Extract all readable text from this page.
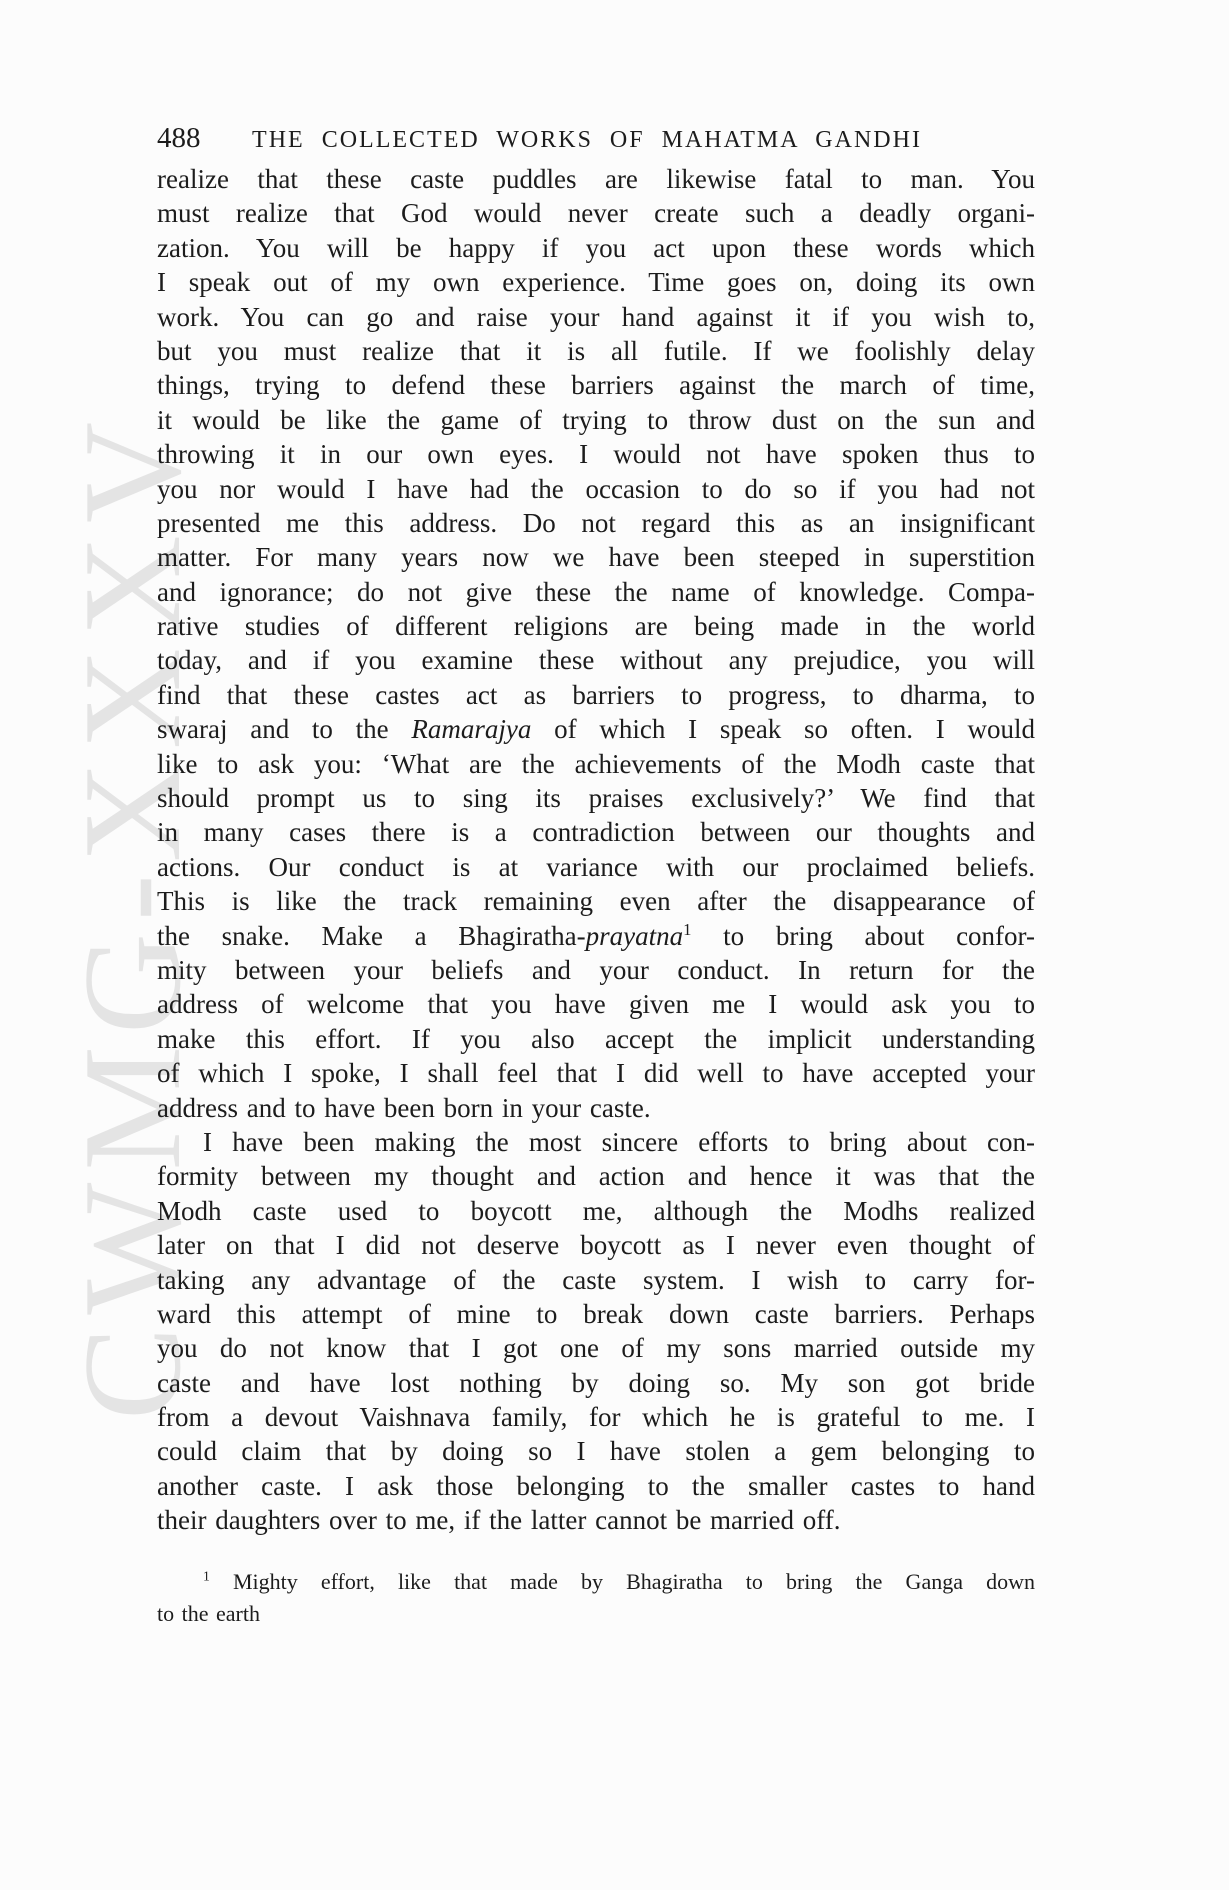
CWMG-XXXV
488	THE COLLECTED WORKS OF MAHATMA GANDHI
realize that these caste puddles are likewise fatal to man. You
must realize that God would never create such a deadly organi-
zation. You will be happy if you act upon these words which
I speak out of my own experience. Time goes on, doing its own
work. You can go and raise your hand against it if you wish to,
but you must realize that it is all futile. If we foolishly delay
things, trying to defend these barriers against the march of time,
it would be like the game of trying to throw dust on the sun and
throwing it in our own eyes. I would not have spoken thus to
you nor would I have had the occasion to do so if you had not
presented me this address. Do not regard this as an insignificant
matter. For many years now we have been steeped in superstition
and ignorance; do not give these the name of knowledge. Compa-
rative studies of different religions are being made in the world
today, and if you examine these without any prejudice, you will
find that these castes act as barriers to progress, to dharma, to
swaraj and to the Ramarajya of which I speak so often. I would
like to ask you: ‘What are the achievements of the Modh caste that
should prompt us to sing its praises exclusively?’ We find that
in many cases there is a contradiction between our thoughts and
actions. Our conduct is at variance with our proclaimed beliefs.
This is like the track remaining even after the disappearance of
the snake. Make a Bhagiratha-prayatna$^1$ to bring about confor-
mity between your beliefs and your conduct. In return for the
address of welcome that you have given me I would ask you to
make this effort. If you also accept the implicit understanding
of which I spoke, I shall feel that I did well to have accepted your
address and to have been born in your caste.
I have been making the most sincere efforts to bring about con-
formity between my thought and action and hence it was that the
Modh caste used to boycott me, although the Modhs realized
later on that I did not deserve boycott as I never even thought of
taking any advantage of the caste system. I wish to carry for-
ward this attempt of mine to break down caste barriers. Perhaps
you do not know that I got one of my sons married outside my
caste and have lost nothing by doing so. My son got bride
from a devout Vaishnava family, for which he is grateful to me. I
could claim that by doing so I have stolen a gem belonging to
another caste. I ask those belonging to the smaller castes to hand
their daughters over to me, if the latter cannot be married off.
$^1$ Mighty effort, like that made by Bhagiratha to bring the Ganga down
to the earth
